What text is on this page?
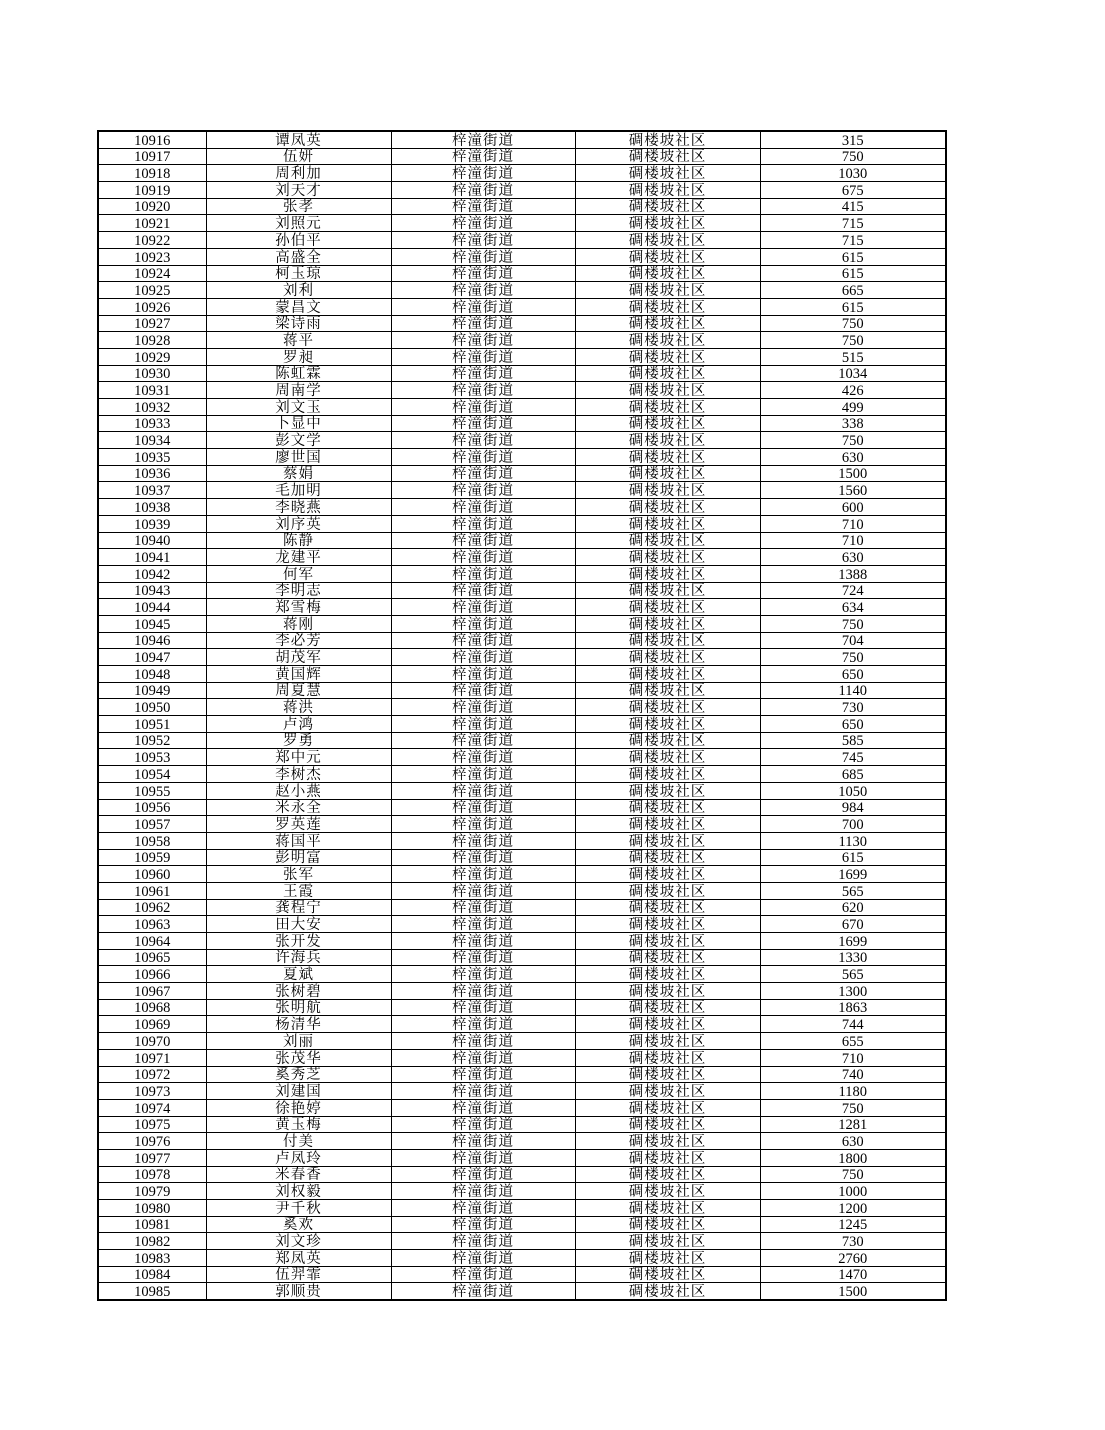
10916	谭凤英	梓潼街道	碉楼坡社区	315
10917	伍妍	梓潼街道	碉楼坡社区	750
10918	周利加	梓潼街道	碉楼坡社区	1030
10919	刘天才	梓潼街道	碉楼坡社区	675
10920	张孝	梓潼街道	碉楼坡社区	415
10921	刘照元	梓潼街道	碉楼坡社区	715
10922	孙伯平	梓潼街道	碉楼坡社区	715
10923	高盛全	梓潼街道	碉楼坡社区	615
10924	柯玉琼	梓潼街道	碉楼坡社区	615
10925	刘利	梓潼街道	碉楼坡社区	665
10926	蒙昌文	梓潼街道	碉楼坡社区	615
10927	梁诗雨	梓潼街道	碉楼坡社区	750
10928	蒋平	梓潼街道	碉楼坡社区	750
10929	罗昶	梓潼街道	碉楼坡社区	515
10930	陈虹霖	梓潼街道	碉楼坡社区	1034
10931	周南学	梓潼街道	碉楼坡社区	426
10932	刘文玉	梓潼街道	碉楼坡社区	499
10933	卜显中	梓潼街道	碉楼坡社区	338
10934	彭文学	梓潼街道	碉楼坡社区	750
10935	廖世国	梓潼街道	碉楼坡社区	630
10936	蔡娟	梓潼街道	碉楼坡社区	1500
10937	毛加明	梓潼街道	碉楼坡社区	1560
10938	李晓燕	梓潼街道	碉楼坡社区	600
10939	刘序英	梓潼街道	碉楼坡社区	710
10940	陈静	梓潼街道	碉楼坡社区	710
10941	龙建平	梓潼街道	碉楼坡社区	630
10942	何军	梓潼街道	碉楼坡社区	1388
10943	李明志	梓潼街道	碉楼坡社区	724
10944	郑雪梅	梓潼街道	碉楼坡社区	634
10945	蒋刚	梓潼街道	碉楼坡社区	750
10946	李必芳	梓潼街道	碉楼坡社区	704
10947	胡茂军	梓潼街道	碉楼坡社区	750
10948	黄国辉	梓潼街道	碉楼坡社区	650
10949	周夏慧	梓潼街道	碉楼坡社区	1140
10950	蒋洪	梓潼街道	碉楼坡社区	730
10951	卢鸿	梓潼街道	碉楼坡社区	650
10952	罗勇	梓潼街道	碉楼坡社区	585
10953	郑中元	梓潼街道	碉楼坡社区	745
10954	李树杰	梓潼街道	碉楼坡社区	685
10955	赵小燕	梓潼街道	碉楼坡社区	1050
10956	米永全	梓潼街道	碉楼坡社区	984
10957	罗英莲	梓潼街道	碉楼坡社区	700
10958	蒋国平	梓潼街道	碉楼坡社区	1130
10959	彭明富	梓潼街道	碉楼坡社区	615
10960	张军	梓潼街道	碉楼坡社区	1699
10961	王霞	梓潼街道	碉楼坡社区	565
10962	龚程宁	梓潼街道	碉楼坡社区	620
10963	田大安	梓潼街道	碉楼坡社区	670
10964	张开发	梓潼街道	碉楼坡社区	1699
10965	许海兵	梓潼街道	碉楼坡社区	1330
10966	夏斌	梓潼街道	碉楼坡社区	565
10967	张树碧	梓潼街道	碉楼坡社区	1300
10968	张明航	梓潼街道	碉楼坡社区	1863
10969	杨清华	梓潼街道	碉楼坡社区	744
10970	刘丽	梓潼街道	碉楼坡社区	655
10971	张茂华	梓潼街道	碉楼坡社区	710
10972	奚秀芝	梓潼街道	碉楼坡社区	740
10973	刘建国	梓潼街道	碉楼坡社区	1180
10974	徐艳婷	梓潼街道	碉楼坡社区	750
10975	黄玉梅	梓潼街道	碉楼坡社区	1281
10976	付美	梓潼街道	碉楼坡社区	630
10977	卢凤玲	梓潼街道	碉楼坡社区	1800
10978	米春香	梓潼街道	碉楼坡社区	750
10979	刘权毅	梓潼街道	碉楼坡社区	1000
10980	尹千秋	梓潼街道	碉楼坡社区	1200
10981	奚欢	梓潼街道	碉楼坡社区	1245
10982	刘文珍	梓潼街道	碉楼坡社区	730
10983	郑凤英	梓潼街道	碉楼坡社区	2760
10984	伍羿霏	梓潼街道	碉楼坡社区	1470
10985	郭顺贵	梓潼街道	碉楼坡社区	1500
